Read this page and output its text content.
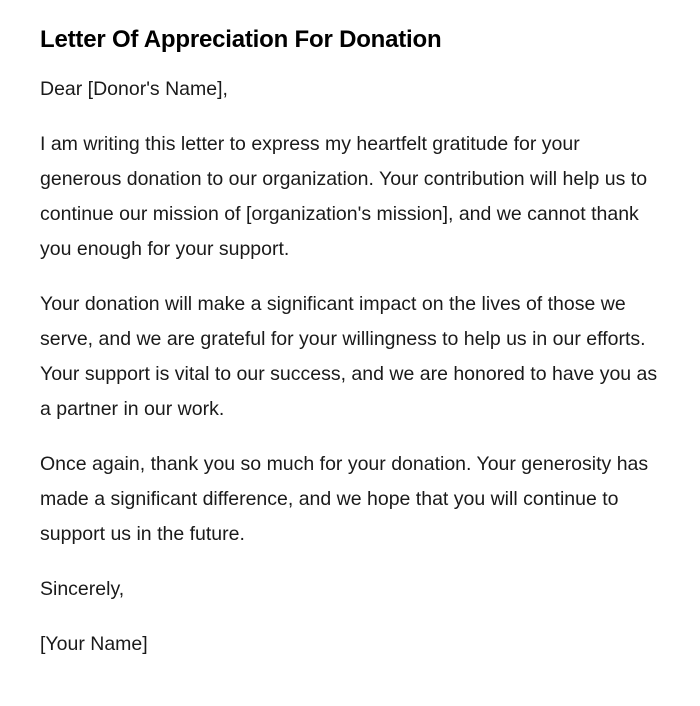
Letter Of Appreciation For Donation

Dear [Donor's Name],

I am writing this letter to express my heartfelt gratitude for your generous donation to our organization. Your contribution will help us to continue our mission of [organization's mission], and we cannot thank you enough for your support.

Your donation will make a significant impact on the lives of those we serve, and we are grateful for your willingness to help us in our efforts. Your support is vital to our success, and we are honored to have you as a partner in our work.

Once again, thank you so much for your donation. Your generosity has made a significant difference, and we hope that you will continue to support us in the future.

Sincerely,

[Your Name]
